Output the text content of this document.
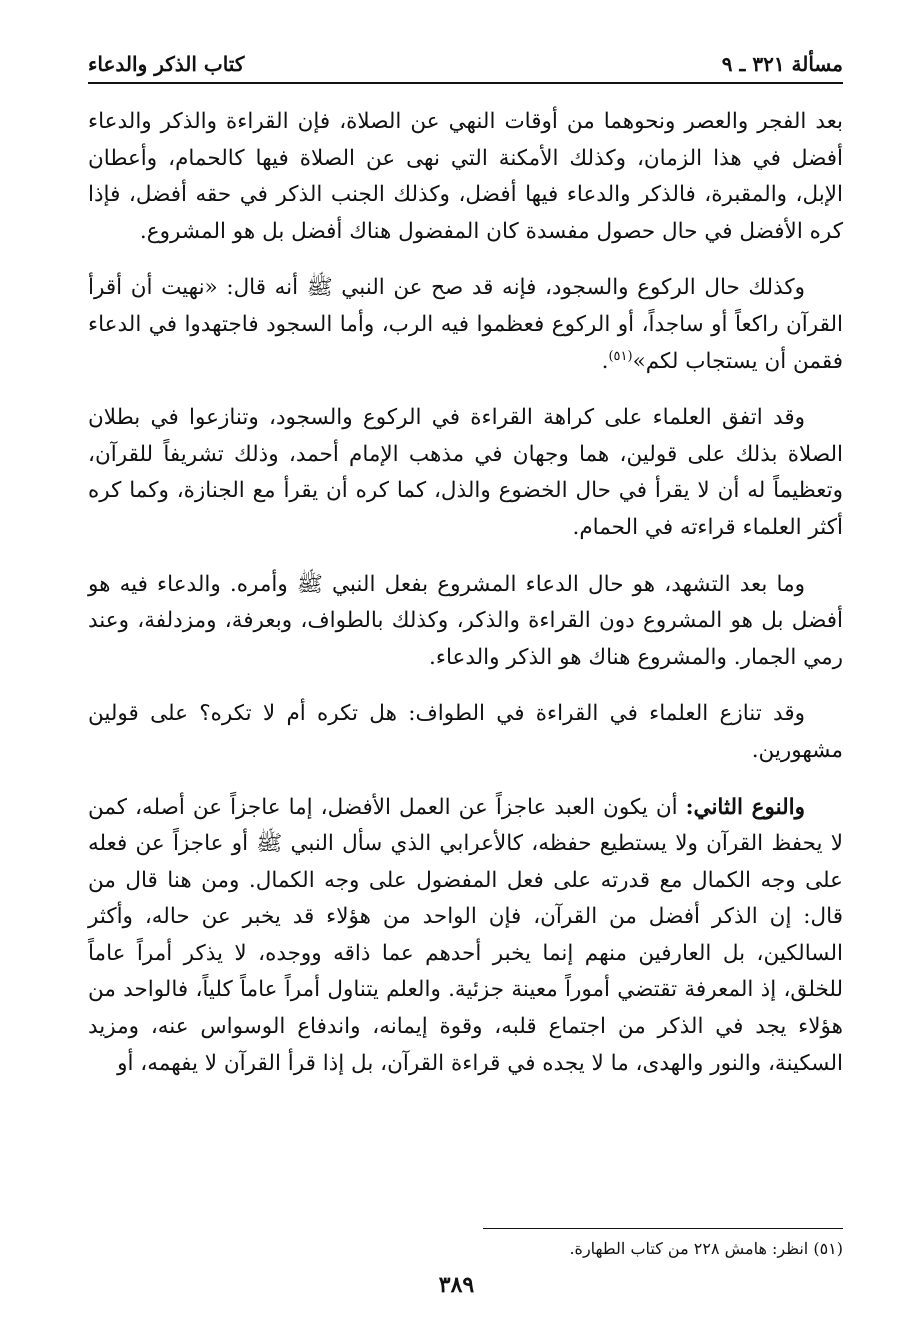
مسألة ٣٢١ ـ ٩
كتاب الذكر والدعاء

بعد الفجر والعصر ونحوهما من أوقات النهي عن الصلاة، فإن القراءة والذكر والدعاء أفضل في هذا الزمان، وكذلك الأمكنة التي نهى عن الصلاة فيها كالحمام، وأعطان الإبل، والمقبرة، فالذكر والدعاء فيها أفضل، وكذلك الجنب الذكر في حقه أفضل، فإذا كره الأفضل في حال حصول مفسدة كان المفضول هناك أفضل بل هو المشروع.

وكذلك حال الركوع والسجود، فإنه قد صح عن النبي ﷺ أنه قال: «نهيت أن أقرأ القرآن راكعاً أو ساجداً، أو الركوع فعظموا فيه الرب، وأما السجود فاجتهدوا في الدعاء فقمن أن يستجاب لكم»$^{(٥١)}$.

وقد اتفق العلماء على كراهة القراءة في الركوع والسجود، وتنازعوا في بطلان الصلاة بذلك على قولين، هما وجهان في مذهب الإمام أحمد، وذلك تشريفاً للقرآن، وتعظيماً له أن لا يقرأ في حال الخضوع والذل، كما كره أن يقرأ مع الجنازة، وكما كره أكثر العلماء قراءته في الحمام.

وما بعد التشهد، هو حال الدعاء المشروع بفعل النبي ﷺ وأمره. والدعاء فيه هو أفضل بل هو المشروع دون القراءة والذكر، وكذلك بالطواف، وبعرفة، ومزدلفة، وعند رمي الجمار. والمشروع هناك هو الذكر والدعاء.

وقد تنازع العلماء في القراءة في الطواف: هل تكره أم لا تكره؟ على قولين مشهورين.

والنوع الثاني: أن يكون العبد عاجزاً عن العمل الأفضل، إما عاجزاً عن أصله، كمن لا يحفظ القرآن ولا يستطيع حفظه، كالأعرابي الذي سأل النبي ﷺ أو عاجزاً عن فعله على وجه الكمال مع قدرته على فعل المفضول على وجه الكمال. ومن هنا قال من قال: إن الذكر أفضل من القرآن، فإن الواحد من هؤلاء قد يخبر عن حاله، وأكثر السالكين، بل العارفين منهم إنما يخبر أحدهم عما ذاقه ووجده، لا يذكر أمراً عاماً للخلق، إذ المعرفة تقتضي أموراً معينة جزئية. والعلم يتناول أمراً عاماً كلياً، فالواحد من هؤلاء يجد في الذكر من اجتماع قلبه، وقوة إيمانه، واندفاع الوسواس عنه، ومزيد السكينة، والنور والهدى، ما لا يجده في قراءة القرآن، بل إذا قرأ القرآن لا يفهمه، أو

(٥١) انظر: هامش ٢٢٨ من كتاب الطهارة.
٣٨٩
